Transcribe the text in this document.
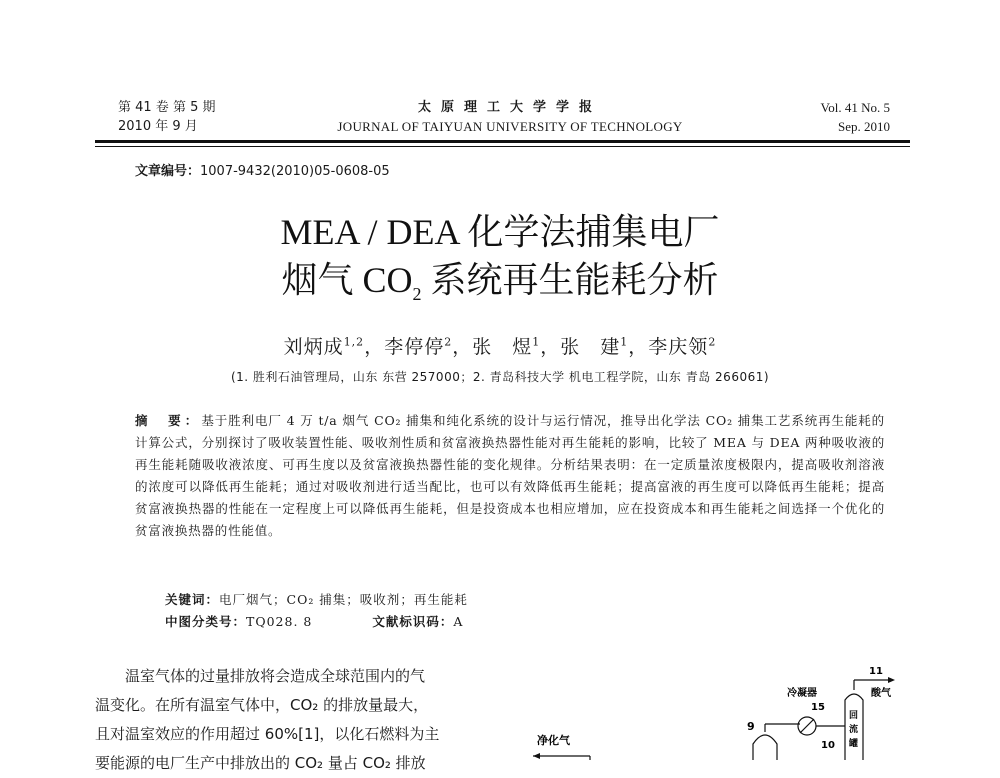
第 41 卷 第 5 期
2010 年 9 月
太原理工大学学报
JOURNAL OF TAIYUAN UNIVERSITY OF TECHNOLOGY
Vol. 41 No. 5
Sep. 2010
文章编号：1007-9432(2010)05-0608-05
MEA / DEA 化学法捕集电厂
烟气 $CO_2$ 系统再生能耗分析
刘炳成$^{1,2}$，李停停$^2$，张　煜$^1$，张　建$^1$，李庆领$^2$
(1. 胜利石油管理局，山东 东营 257000；2. 青岛科技大学 机电工程学院，山东 青岛 266061)
摘　要：基于胜利电厂 4 万 t/a 烟气 CO₂ 捕集和纯化系统的设计与运行情况，推导出化学法 CO₂ 捕集工艺系统再生能耗的计算公式，分别探讨了吸收装置性能、吸收剂性质和贫富液换热器性能对再生能耗的影响，比较了 MEA 与 DEA 两种吸收液的再生能耗随吸收液浓度、可再生度以及贫富液换热器性能的变化规律。分析结果表明：在一定质量浓度极限内，提高吸收剂溶液的浓度可以降低再生能耗；通过对吸收剂进行适当配比，也可以有效降低再生能耗；提高富液的再生度可以降低再生能耗；提高贫富液换热器的性能在一定程度上可以降低再生能耗，但是投资成本也相应增加，应在投资成本和再生能耗之间选择一个优化的贫富液换热器的性能值。
关键词：电厂烟气；CO₂ 捕集；吸收剂；再生能耗
中图分类号：TQ028. 8	文献标识码：A

温室气体的过量排放将会造成全球范围内的气

温变化。在所有温室气体中，CO₂ 的排放量最大，

且对温室效应的作用超过 60%[1]，以化石燃料为主

要能源的电厂生产中排放出的 CO₂ 量占 CO₂ 排放

净化气
9
冷凝器
15
10
回
流
罐
11
酸气
